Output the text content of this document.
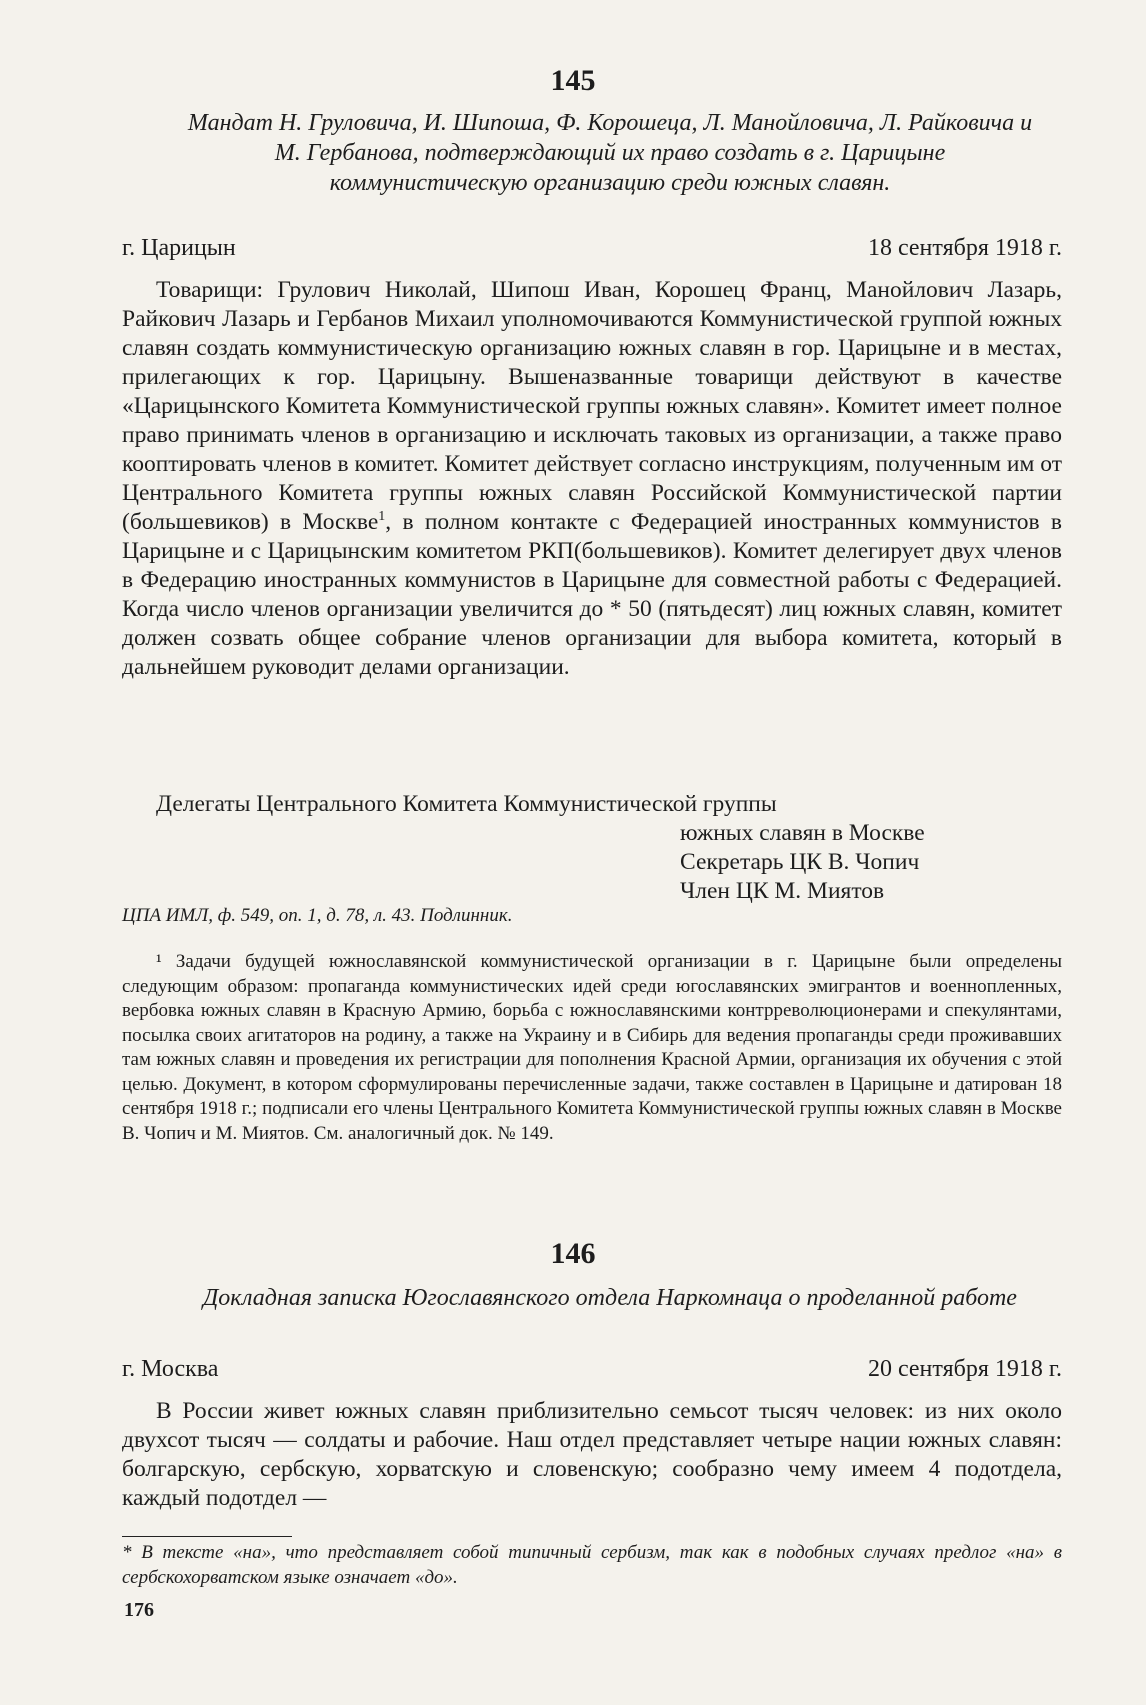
145
Мандат Н. Груловича, И. Шипоша, Ф. Корошеца, Л. Манойловича, Л. Райковича и М. Гербанова, подтверждающий их право создать в г. Царицыне коммунистическую организацию среди южных славян.
г. Царицын	18 сентября 1918 г.

Товарищи: Грулович Николай, Шипош Иван, Корошец Франц, Манойлович Лазарь, Райкович Лазарь и Гербанов Михаил уполномочиваются Коммунистической группой южных славян создать коммунистическую организацию южных славян в гор. Царицыне и в местах, прилегающих к гор. Царицыну. Вышеназванные товарищи действуют в качестве «Царицынского Комитета Коммунистической группы южных славян». Комитет имеет полное право принимать членов в организацию и исключать таковых из организации, а также право кооптировать членов в комитет. Комитет действует согласно инструкциям, полученным им от Центрального Комитета группы южных славян Российской Коммунистической партии (большевиков) в Москве$^1$, в полном контакте с Федерацией иностранных коммунистов в Царицыне и с Царицынским комитетом РКП(большевиков). Комитет делегирует двух членов в Федерацию иностранных коммунистов в Царицыне для совместной работы с Федерацией. Когда число членов организации увеличится до * 50 (пятьдесят) лиц южных славян, комитет должен созвать общее собрание членов организации для выбора комитета, который в дальнейшем руководит делами организации.

Делегаты Центрального Комитета Коммунистической группы
южных славян в Москве
Секретарь ЦК В. Чопич
Член ЦК М. Миятов
ЦПА ИМЛ, ф. 549, оп. 1, д. 78, л. 43. Подлинник.

¹ Задачи будущей южнославянской коммунистической организации в г. Царицыне были определены следующим образом: пропаганда коммунистических идей среди югославянских эмигрантов и военнопленных, вербовка южных славян в Красную Армию, борьба с южнославянскими контрреволюционерами и спекулянтами, посылка своих агитаторов на родину, а также на Украину и в Сибирь для ведения пропаганды среди проживавших там южных славян и проведения их регистрации для пополнения Красной Армии, организация их обучения с этой целью. Документ, в котором сформулированы перечисленные задачи, также составлен в Царицыне и датирован 18 сентября 1918 г.; подписали его члены Центрального Комитета Коммунистической группы южных славян в Москве В. Чопич и М. Миятов. См. аналогичный док. № 149.

146
Докладная записка Югославянского отдела Наркомнаца о проделанной работе
г. Москва	20 сентября 1918 г.

В России живет южных славян приблизительно семьсот тысяч человек: из них около двухсот тысяч — солдаты и рабочие. Наш отдел представляет четыре нации южных славян: болгарскую, сербскую, хорватскую и словенскую; сообразно чему имеем 4 подотдела, каждый подотдел —

* В тексте «на», что представляет собой типичный сербизм, так как в подобных случаях предлог «на» в сербскохорватском языке означает «до».
176
